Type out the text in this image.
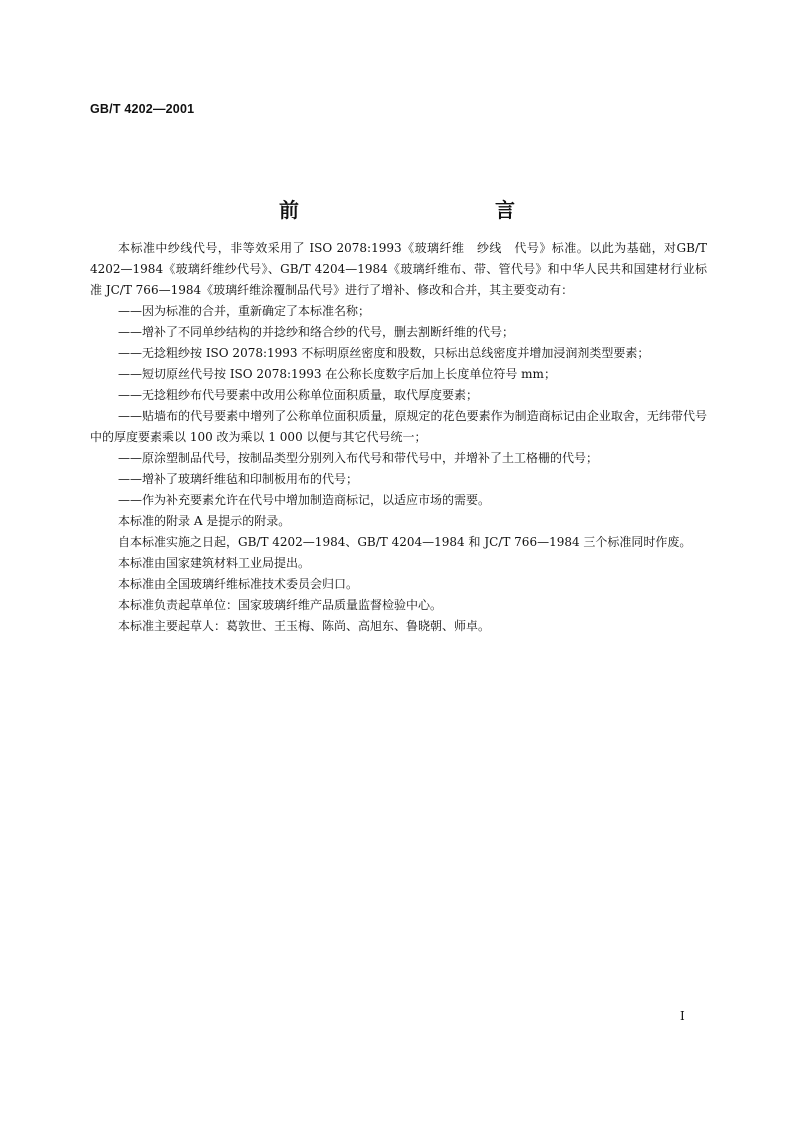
GB/T 4202—2001
前　　言

本标准中纱线代号，非等效采用了 ISO 2078:1993《玻璃纤维　纱线　代号》标准。以此为基础，对GB/T 4202—1984《玻璃纤维纱代号》、GB/T 4204—1984《玻璃纤维布、带、管代号》和中华人民共和国建材行业标准 JC/T 766—1984《玻璃纤维涂覆制品代号》进行了增补、修改和合并，其主要变动有：

——因为标准的合并，重新确定了本标准名称；

——增补了不同单纱结构的并捻纱和络合纱的代号，删去割断纤维的代号；

——无捻粗纱按 ISO 2078:1993 不标明原丝密度和股数，只标出总线密度并增加浸润剂类型要素；

——短切原丝代号按 ISO 2078:1993 在公称长度数字后加上长度单位符号 mm；

——无捻粗纱布代号要素中改用公称单位面积质量，取代厚度要素；

——贴墙布的代号要素中增列了公称单位面积质量，原规定的花色要素作为制造商标记由企业取舍，无纬带代号中的厚度要素乘以 100 改为乘以 1 000 以便与其它代号统一；

——原涂塑制品代号，按制品类型分别列入布代号和带代号中，并增补了土工格栅的代号；

——增补了玻璃纤维毡和印制板用布的代号；

——作为补充要素允许在代号中增加制造商标记，以适应市场的需要。

本标准的附录 A 是提示的附录。

自本标准实施之日起，GB/T 4202—1984、GB/T 4204—1984 和 JC/T 766—1984 三个标准同时作废。

本标准由国家建筑材料工业局提出。

本标准由全国玻璃纤维标准技术委员会归口。

本标准负责起草单位：国家玻璃纤维产品质量监督检验中心。

本标准主要起草人：葛敦世、王玉梅、陈尚、高旭东、鲁晓朝、师卓。

I
